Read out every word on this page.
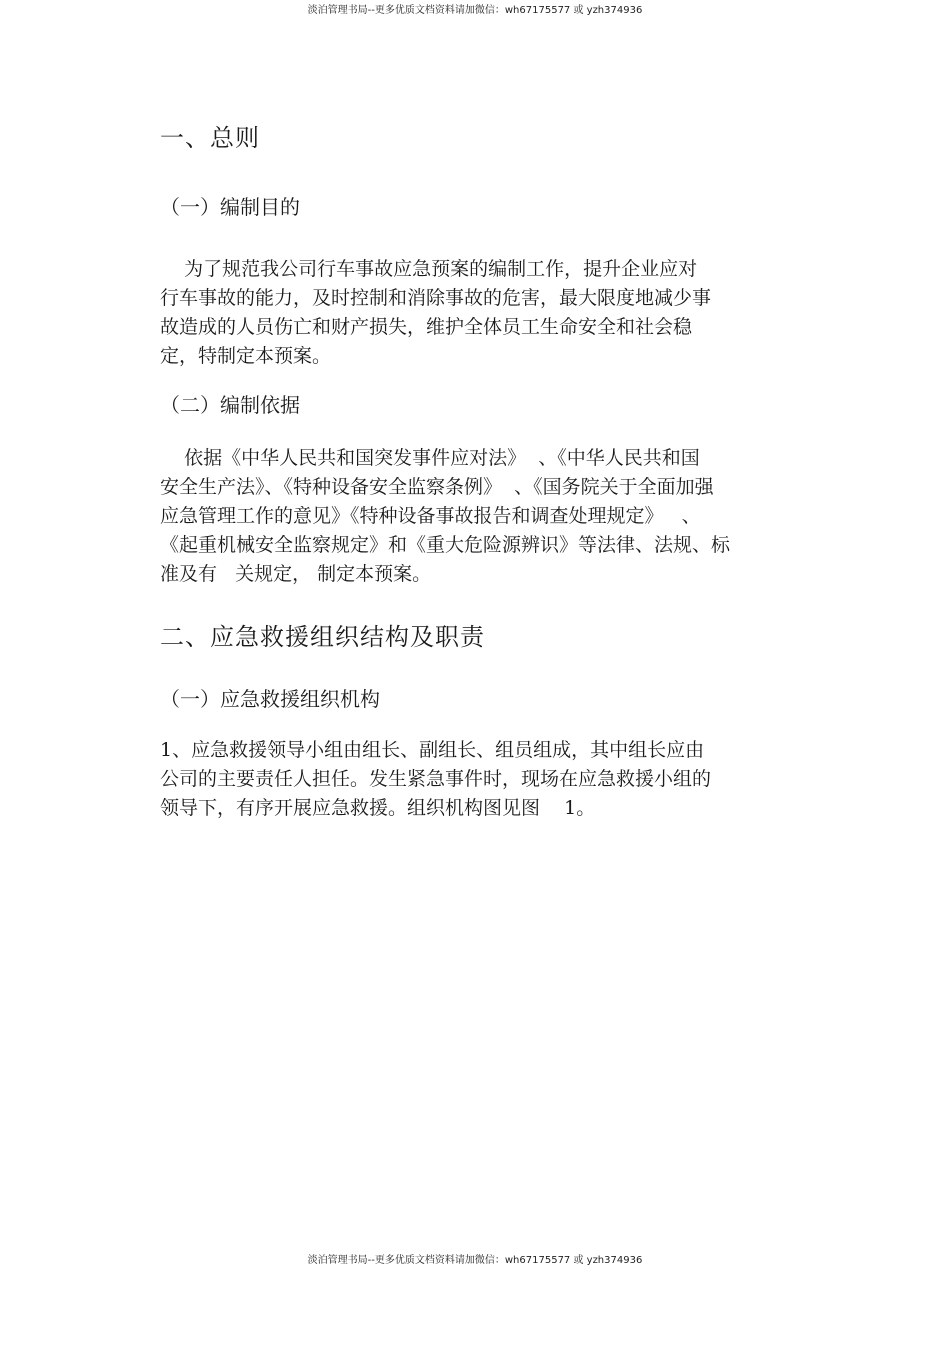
淡泊管理书局--更多优质文档资料请加微信：wh67175577 或 yzh374936
一、总则
（一）编制目的
为了规范我公司行车事故应急预案的编制工作，提升企业应对
行车事故的能力，及时控制和消除事故的危害，最大限度地减少事
故造成的人员伤亡和财产损失，维护全体员工生命安全和社会稳
定，特制定本预案。
（二）编制依据
依据《中华人民共和国突发事件应对法》  、《中华人民共和国
安全生产法》、《特种设备安全监察条例》  、《国务院关于全面加强
应急管理工作的意见》《特种设备事故报告和调查处理规定》   、
《起重机械安全监察规定》和《重大危险源辨识》等法律、法规、标
准及有   关规定， 制定本预案。
二、应急救援组织结构及职责
（一）应急救援组织机构
1、应急救援领导小组由组长、副组长、组员组成，其中组长应由
公司的主要责任人担任。发生紧急事件时，现场在应急救援小组的
领导下，有序开展应急救援。组织机构图见图    1。
淡泊管理书局--更多优质文档资料请加微信：wh67175577 或 yzh374936
